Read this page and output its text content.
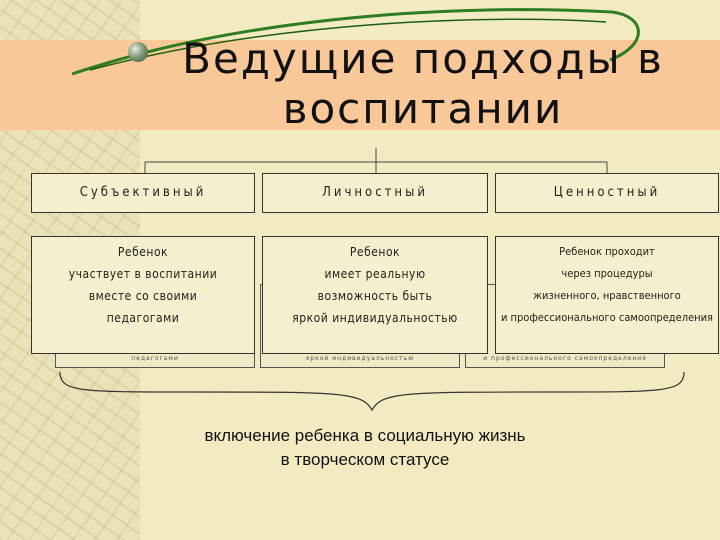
Ведущие подходы в
воспитании
педагогами	яркой индивидуальностью	и профессионального самоопределения
Субъективный	Личностный	Ценностный
Ребенок
участвует в воспитании
вместе со своими
педагогами
Ребенок
имеет реальную
возможность быть
яркой индивидуальностью
Ребенок проходит
через процедуры
жизненного, нравственного
и профессионального самоопределения
включение ребенка в социальную жизнь
в творческом статусе
